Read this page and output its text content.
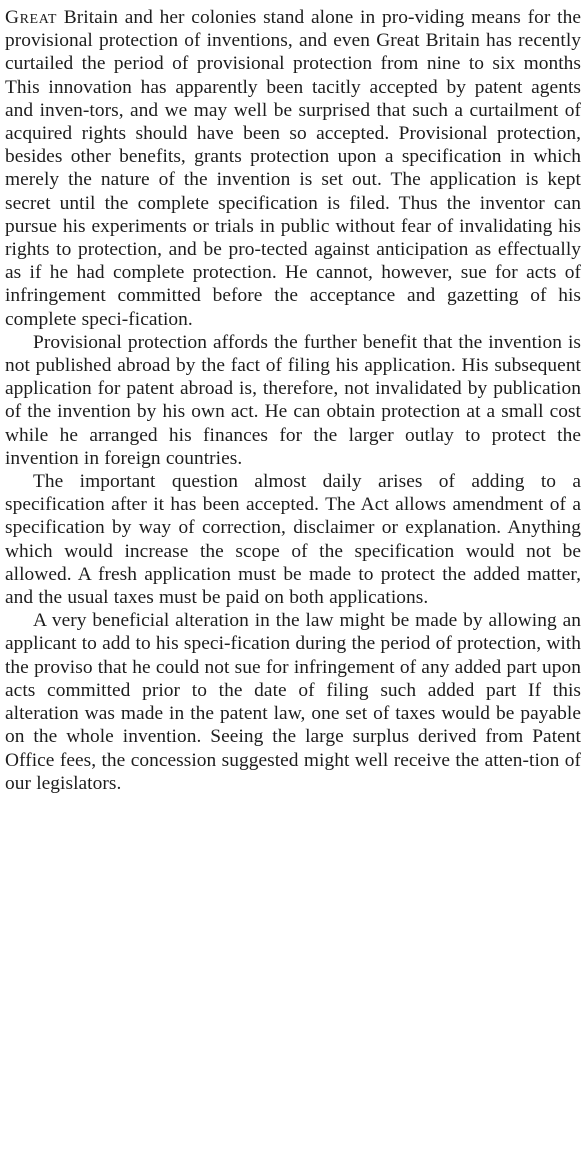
Great Britain and her colonies stand alone in pro-viding means for the provisional protection of inventions, and even Great Britain has recently curtailed the period of provisional protection from nine to six months This innovation has apparently been tacitly accepted by patent agents and inven-tors, and we may well be surprised that such a curtailment of acquired rights should have been so accepted. Provisional protection, besides other benefits, grants protection upon a specification in which merely the nature of the invention is set out. The application is kept secret until the complete specification is filed. Thus the inventor can pursue his experiments or trials in public without fear of invalidating his rights to protection, and be pro-tected against anticipation as effectually as if he had complete protection. He cannot, however, sue for acts of infringement committed before the acceptance and gazetting of his complete speci-fication.

Provisional protection affords the further benefit that the invention is not published abroad by the fact of filing his application. His subsequent application for patent abroad is, therefore, not invalidated by publication of the invention by his own act. He can obtain protection at a small cost while he arranged his finances for the larger outlay to protect the invention in foreign countries.

The important question almost daily arises of adding to a specification after it has been accepted. The Act allows amendment of a specification by way of correction, disclaimer or explanation. Anything which would increase the scope of the specification would not be allowed. A fresh application must be made to protect the added matter, and the usual taxes must be paid on both applications.

A very beneficial alteration in the law might be made by allowing an applicant to add to his speci-fication during the period of protection, with the proviso that he could not sue for infringement of any added part upon acts committed prior to the date of filing such added part If this alteration was made in the patent law, one set of taxes would be payable on the whole invention. Seeing the large surplus derived from Patent Office fees, the concession suggested might well receive the atten-tion of our legislators.
